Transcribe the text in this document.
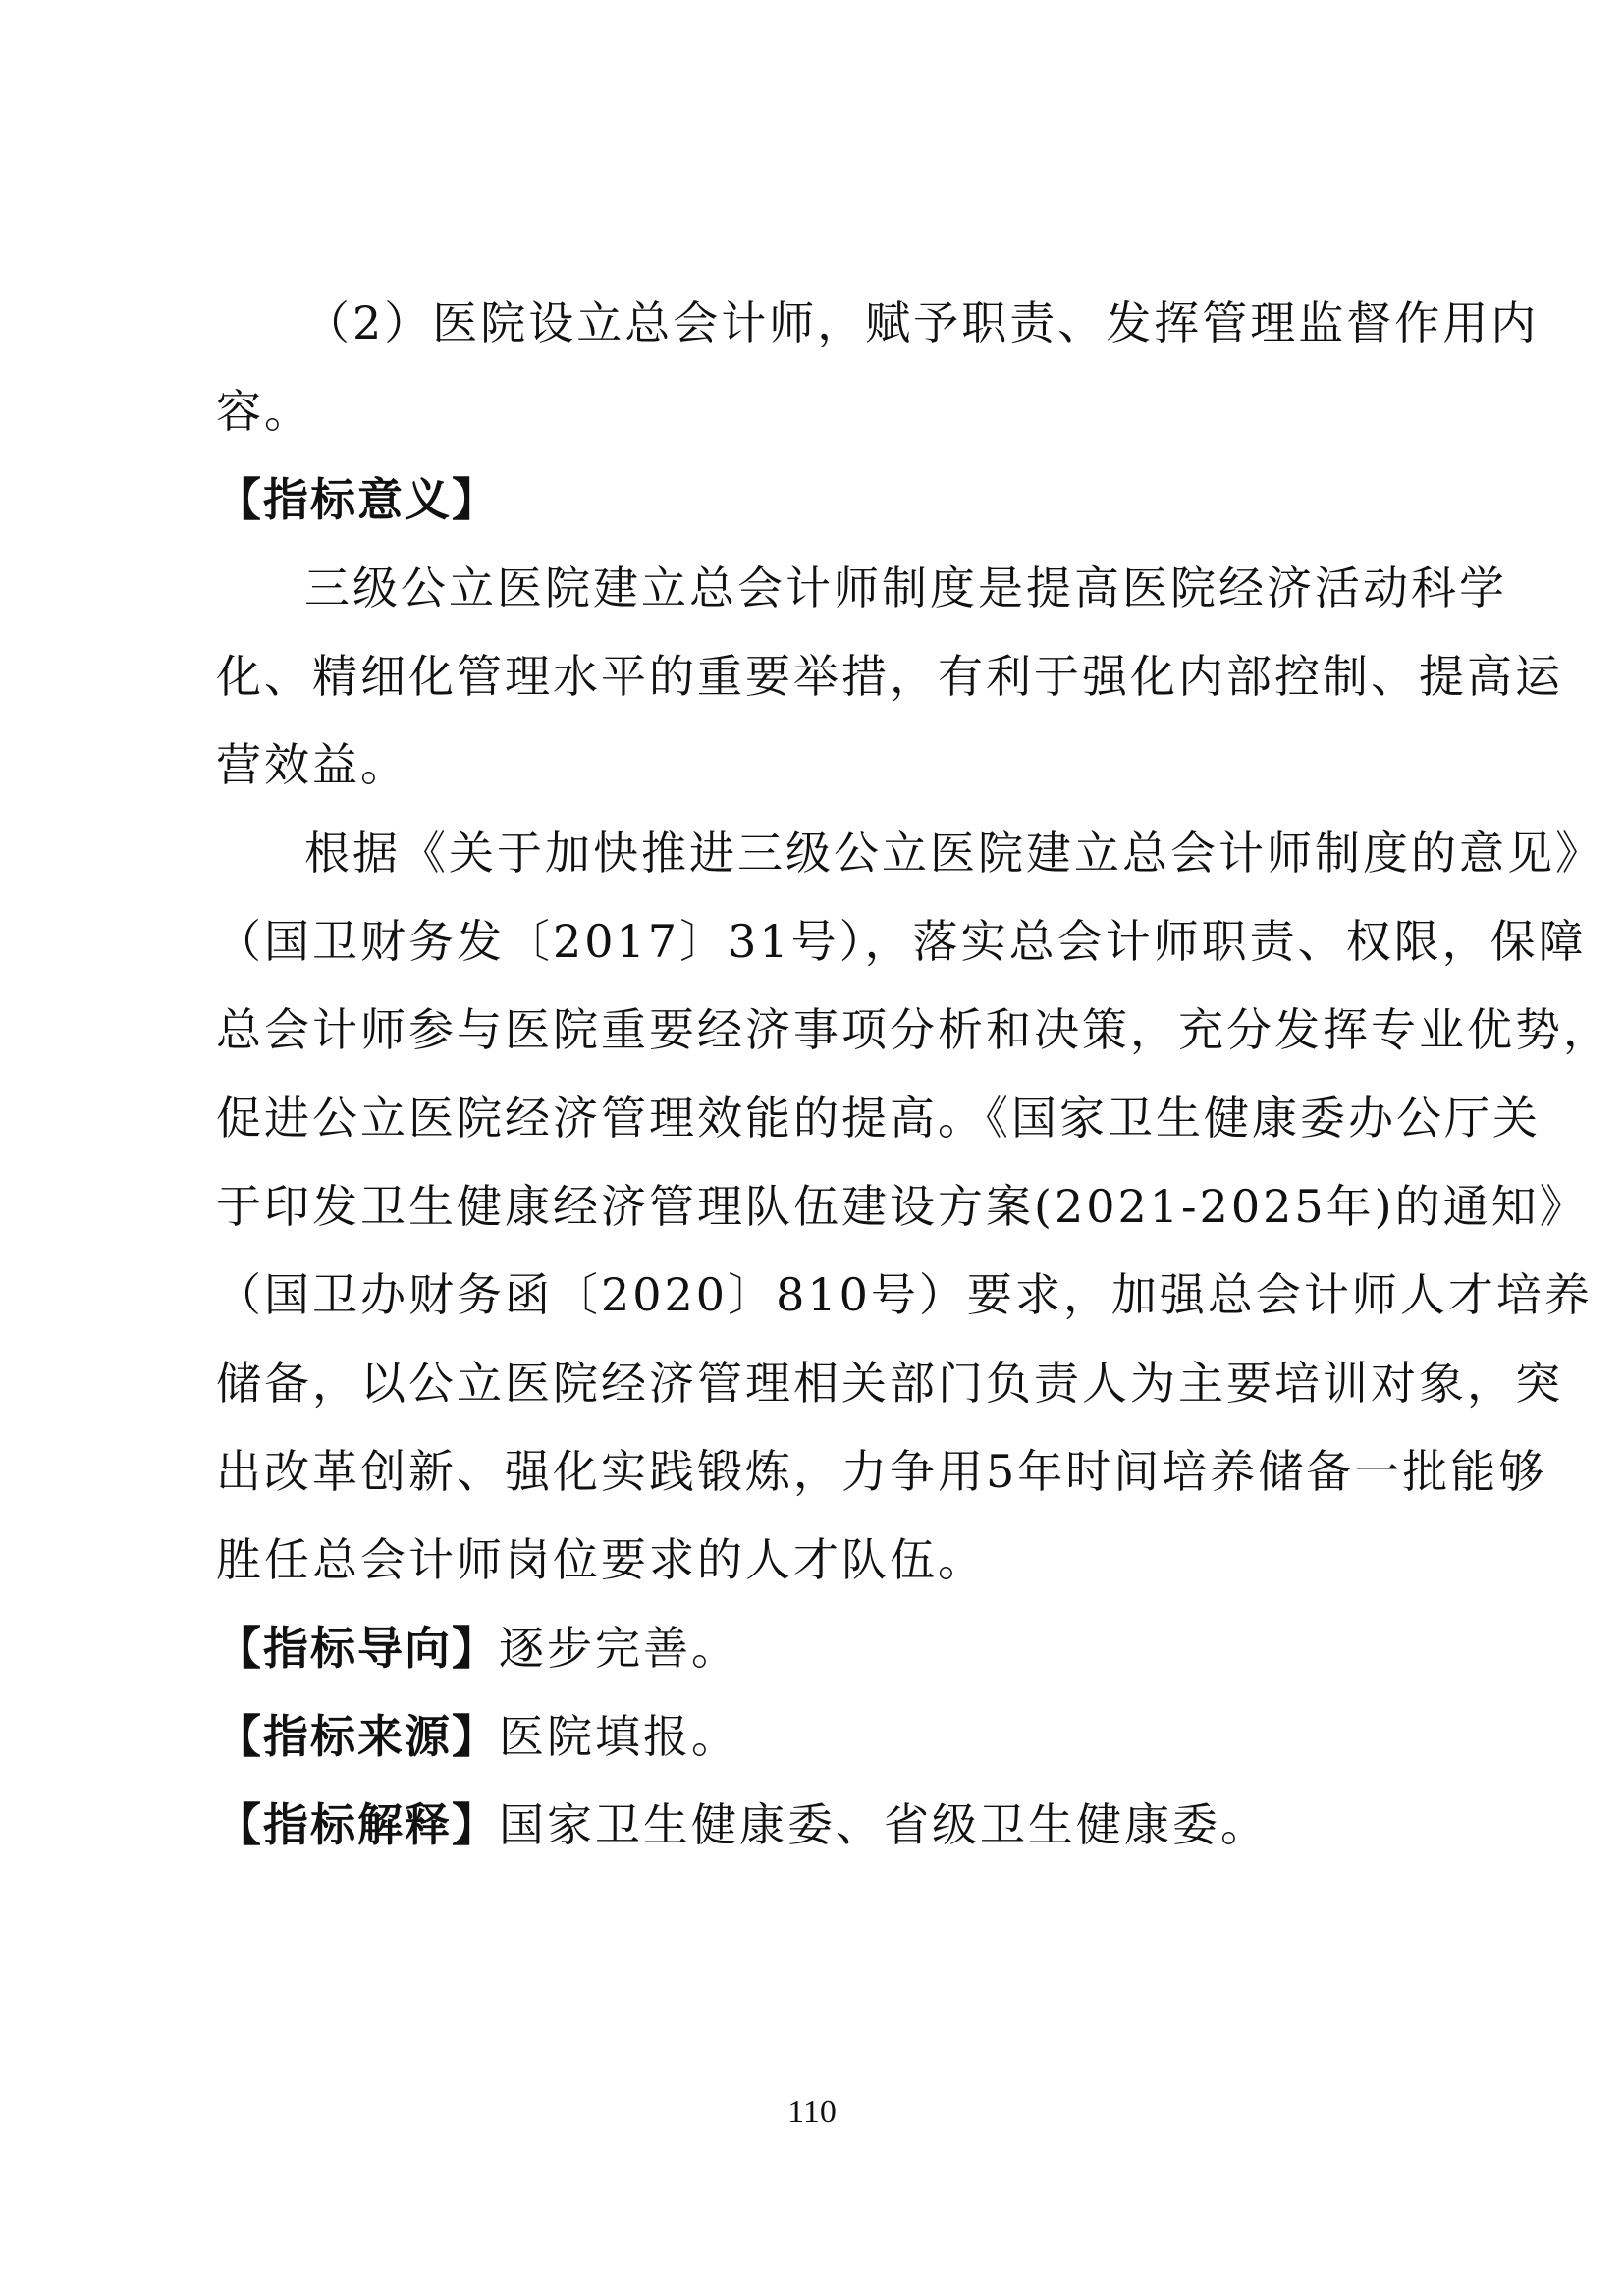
（2）医院设立总会计师，赋予职责、发挥管理监督作用内
容。
【指标意义】
三级公立医院建立总会计师制度是提高医院经济活动科学
化、精细化管理水平的重要举措，有利于强化内部控制、提高运
营效益。
根据《关于加快推进三级公立医院建立总会计师制度的意见》
（国卫财务发〔2017〕31号），落实总会计师职责、权限，保障
总会计师参与医院重要经济事项分析和决策，充分发挥专业优势，
促进公立医院经济管理效能的提高。《国家卫生健康委办公厅关
于印发卫生健康经济管理队伍建设方案(2021-2025年)的通知》
（国卫办财务函〔2020〕810号）要求，加强总会计师人才培养
储备，以公立医院经济管理相关部门负责人为主要培训对象，突
出改革创新、强化实践锻炼，力争用5年时间培养储备一批能够
胜任总会计师岗位要求的人才队伍。
【指标导向】逐步完善。
【指标来源】医院填报。
【指标解释】国家卫生健康委、省级卫生健康委。
110
